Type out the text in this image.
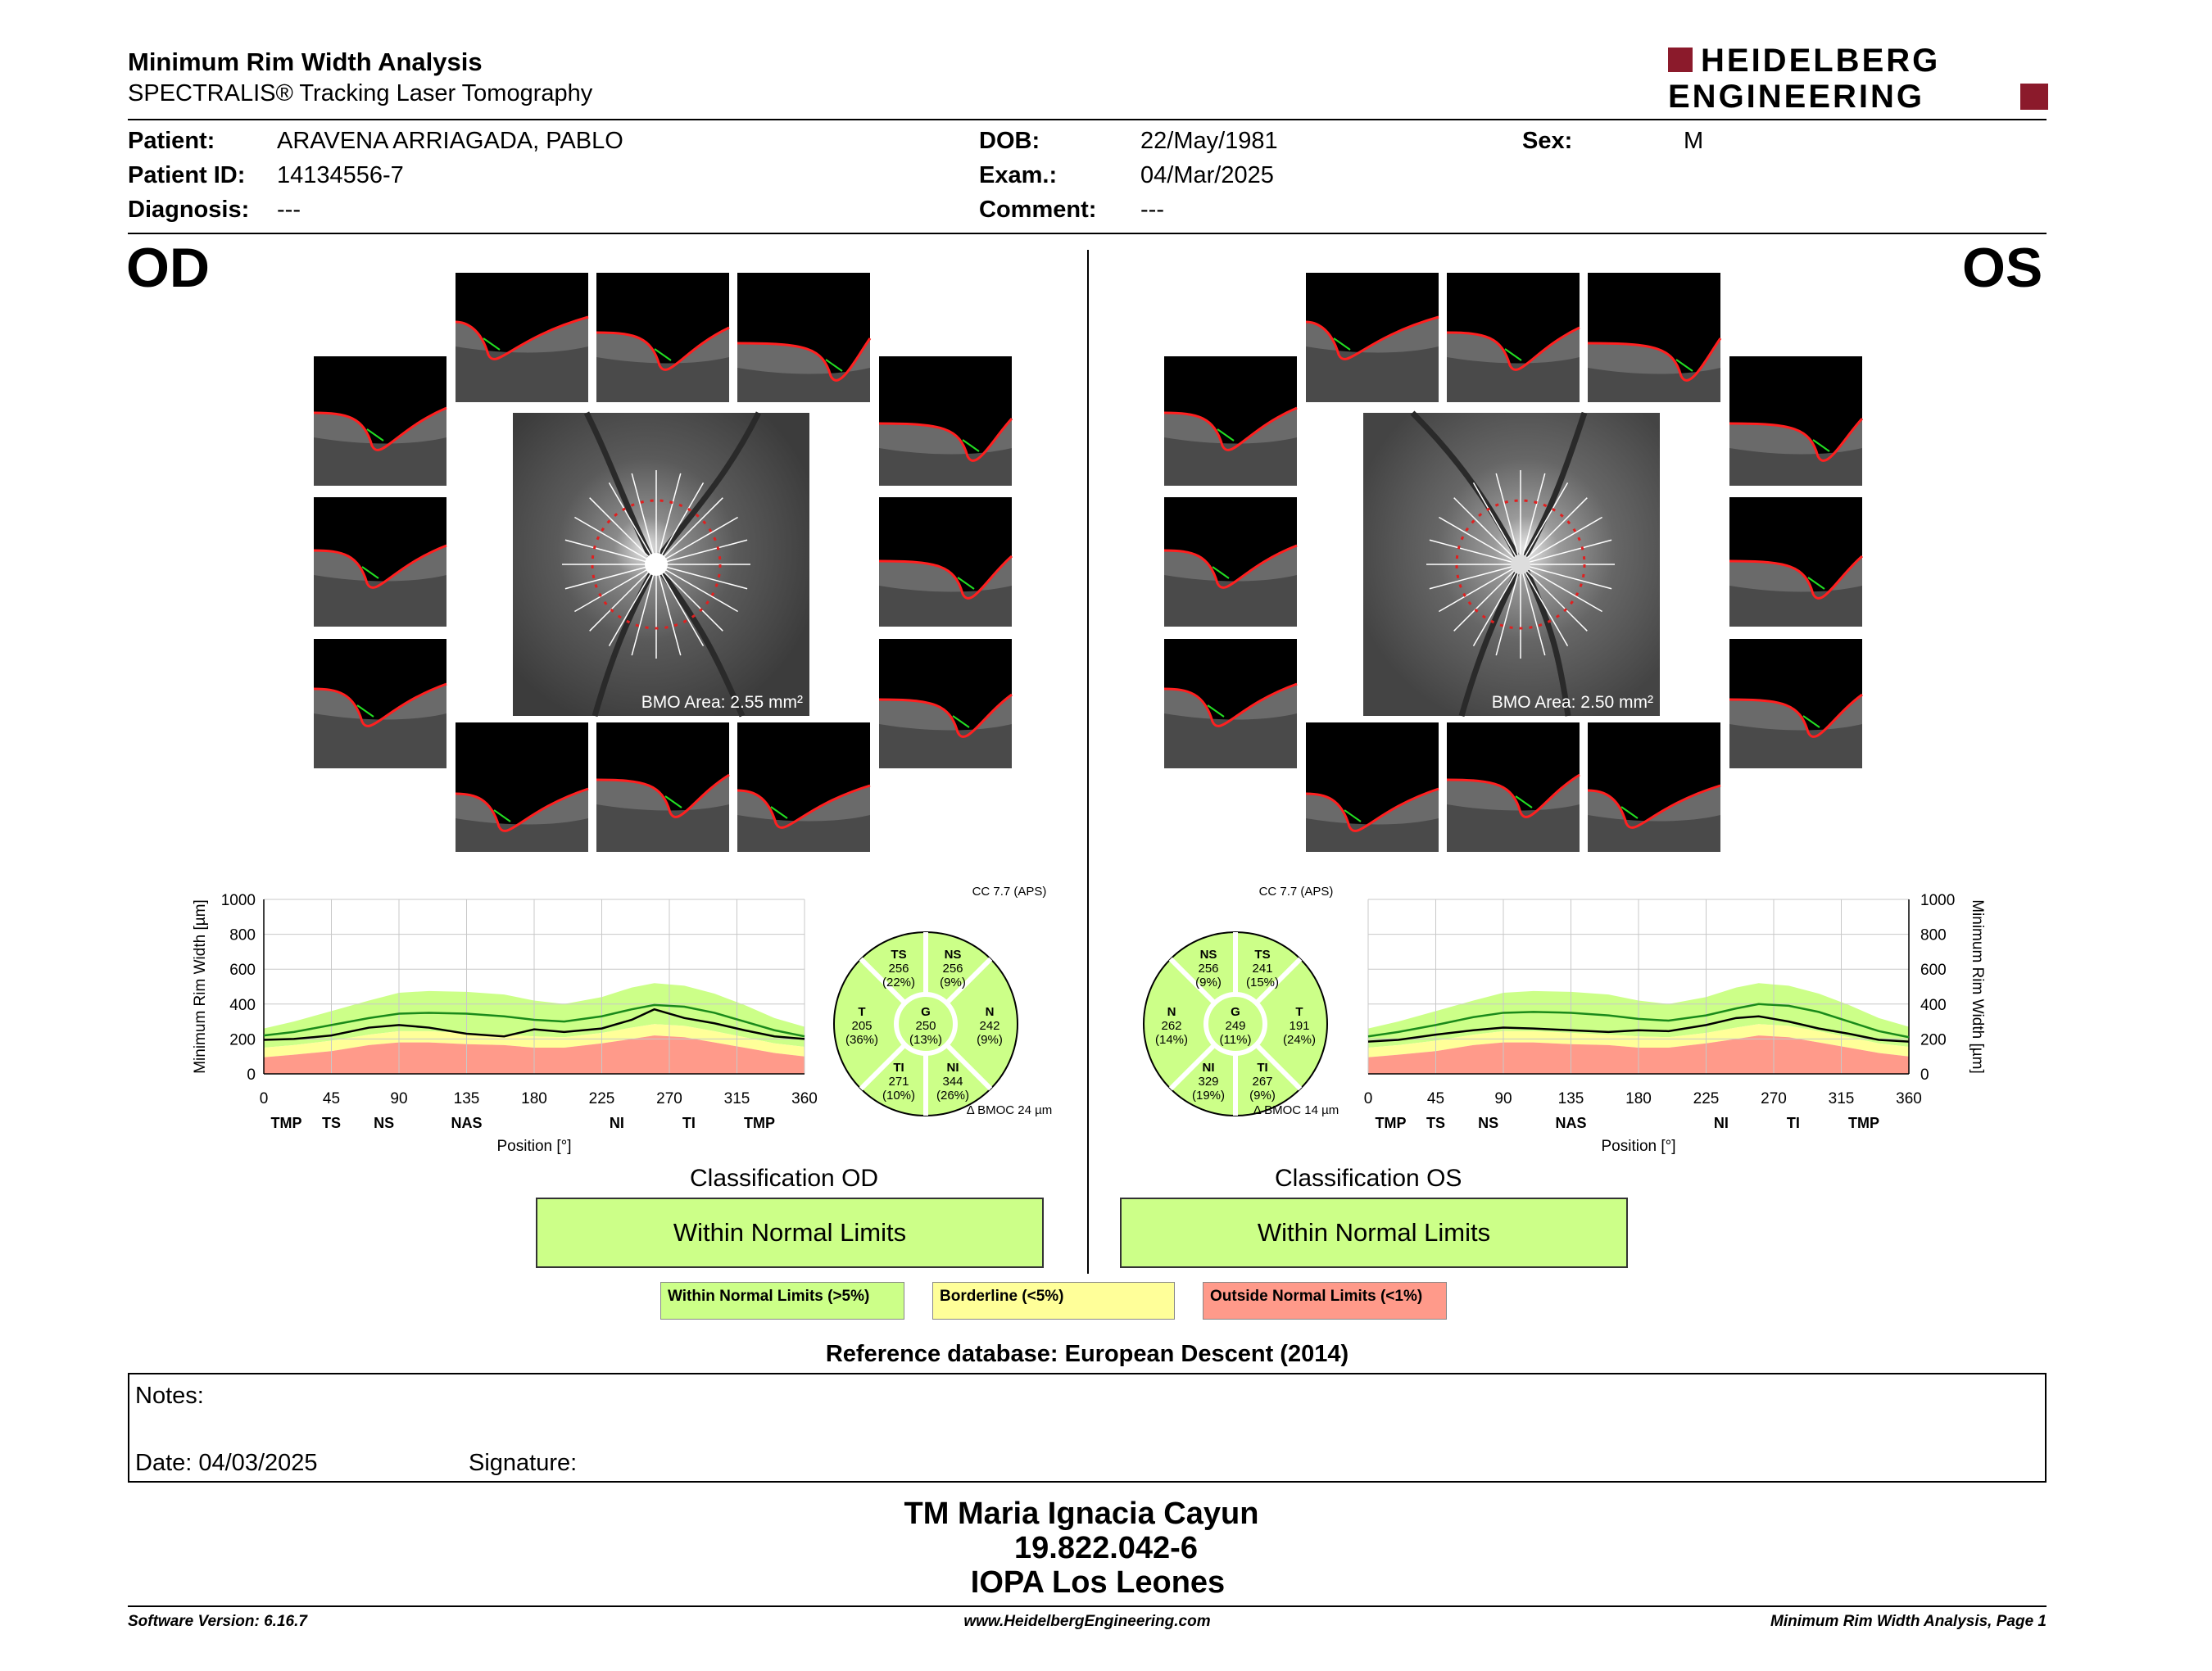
Minimum Rim Width Analysis
SPECTRALIS® Tracking Laser Tomography
HEIDELBERG
ENGINEERING
Patient:	ARAVENA ARRIAGADA, PABLO
Patient ID: 14134556-7
Diagnosis: ---
DOB:	22/May/1981
Exam.:	04/Mar/2025
Comment: ---
Sex:	M
OD	OS
BMO Area: 2.55 mm²	BMO Area: 2.50 mm²
0	45	90	135	180	225	270	315	360
0
200
400
600
800
1000
TMP TS NS	NAS	NI	TI	TMP
Position [°]
Minimum Rim Width [µm]
0	45	90	135	180	225	270	315	360
0
200
400
600
800
1000
TMP TS NS	NAS	NI	TI	TMP
Position [°]
Minimum Rim Width [µm]
TS
256
(22%)
NS
256
(9%)
T
205
(36%)
G
250
(13%)
N
242
(9%)
TI
271
(10%)
NI
344
(26%)
CC 7.7 (APS)
Δ BMOC 24 µm
NS
256
(9%)
TS
241
(15%)
N
262
(14%)
G
249
(11%)
T
191
(24%)
NI
329
(19%)
TI
267
(9%)
CC 7.7 (APS)
Δ BMOC 14 µm
Classification OD
Within Normal Limits
Classification OS
Within Normal Limits
Within Normal Limits (>5%)	Borderline (<5%)	Outside Normal Limits (<1%)
Reference database: European Descent (2014)
Notes:
Date: 04/03/2025	Signature:
TM Maria Ignacia Cayun
19.822.042-6
IOPA Los Leones
Software Version: 6.16.7	www.HeidelbergEngineering.com	Minimum Rim Width Analysis, Page 1
